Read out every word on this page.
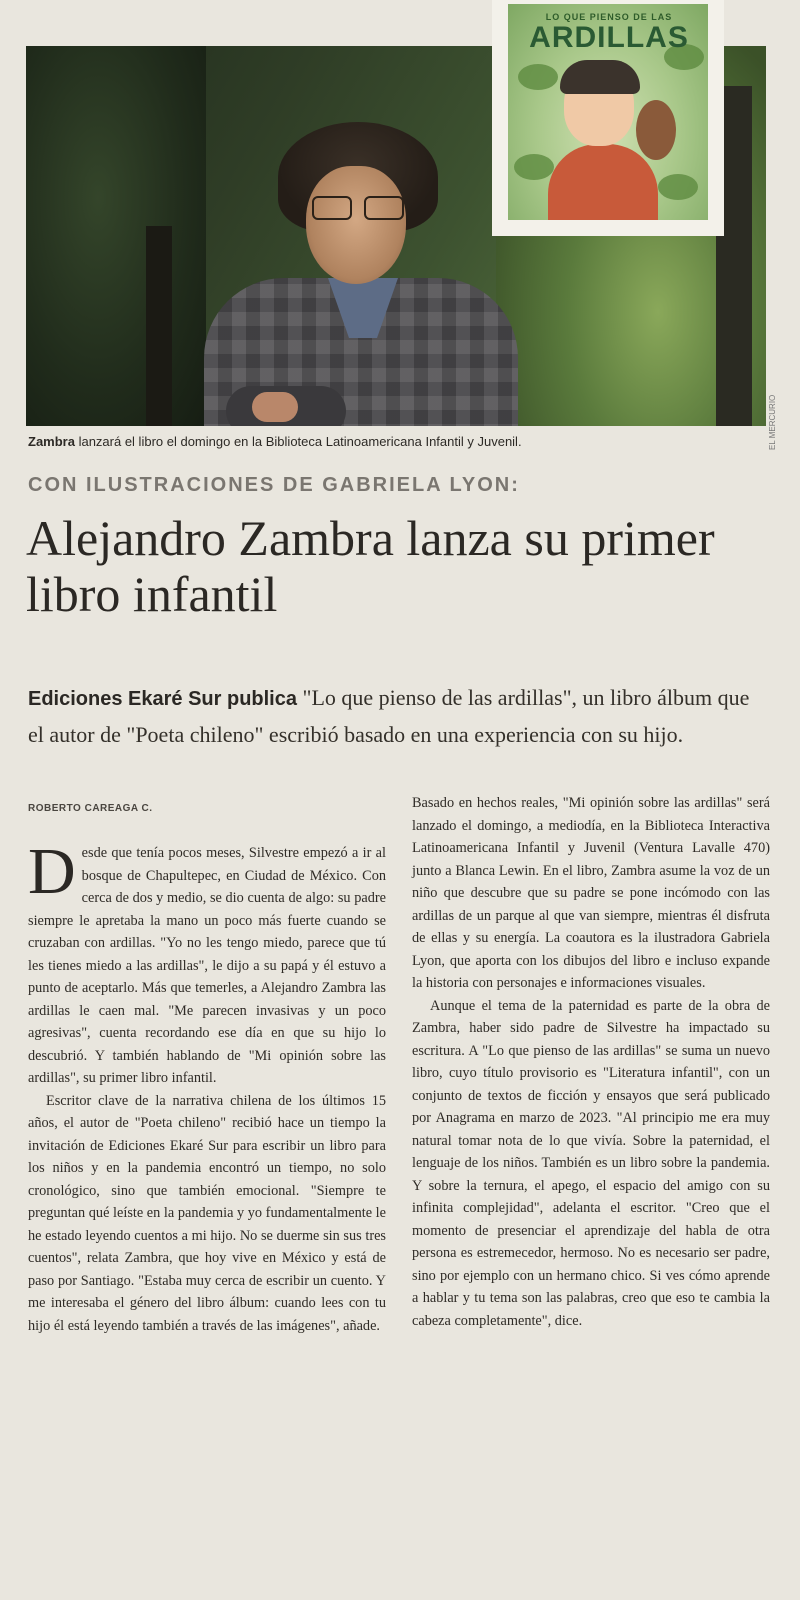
LO QUE PIENSO DE LAS
ARDILLAS
EL MERCURIO
Zambra lanzará el libro el domingo en la Biblioteca Latinoamericana Infantil y Juvenil.
CON ILUSTRACIONES DE GABRIELA LYON:
Alejandro Zambra lanza su primer libro infantil
Ediciones Ekaré Sur publica "Lo que pienso de las ardillas", un libro álbum que el autor de "Poeta chileno" escribió basado en una experiencia con su hijo.
ROBERTO CAREAGA C.

Desde que tenía pocos meses, Silvestre empezó a ir al bosque de Chapultepec, en Ciudad de México. Con cerca de dos y medio, se dio cuenta de algo: su padre siempre le apretaba la mano un poco más fuerte cuando se cruzaban con ardillas. "Yo no les tengo miedo, parece que tú les tienes miedo a las ardillas", le dijo a su papá y él estuvo a punto de aceptarlo. Más que temerles, a Alejandro Zambra las ardillas le caen mal. "Me parecen invasivas y un poco agresivas", cuenta recordando ese día en que su hijo lo descubrió. Y también hablando de "Mi opinión sobre las ardillas", su primer libro infantil.

Escritor clave de la narrativa chilena de los últimos 15 años, el autor de "Poeta chileno" recibió hace un tiempo la invitación de Ediciones Ekaré Sur para escribir un libro para los niños y en la pandemia encontró un tiempo, no solo cronológico, sino que también emocional. "Siempre te preguntan qué leíste en la pandemia y yo fundamentalmente le he estado leyendo cuentos a mi hijo. No se duerme sin sus tres cuentos", relata Zambra, que hoy vive en México y está de paso por Santiago. "Estaba muy cerca de escribir un cuento. Y me interesaba el género del libro álbum: cuando lees con tu hijo él está leyendo también a través de las imágenes", añade.

Basado en hechos reales, "Mi opinión sobre las ardillas" será lanzado el domingo, a mediodía, en la Biblioteca Interactiva Latinoamericana Infantil y Juvenil (Ventura Lavalle 470) junto a Blanca Lewin. En el libro, Zambra asume la voz de un niño que descubre que su padre se pone incómodo con las ardillas de un parque al que van siempre, mientras él disfruta de ellas y su energía. La coautora es la ilustradora Gabriela Lyon, que aporta con los dibujos del libro e incluso expande la historia con personajes e informaciones visuales.

Aunque el tema de la paternidad es parte de la obra de Zambra, haber sido padre de Silvestre ha impactado su escritura. A "Lo que pienso de las ardillas" se suma un nuevo libro, cuyo título provisorio es "Literatura infantil", con un conjunto de textos de ficción y ensayos que será publicado por Anagrama en marzo de 2023. "Al principio me era muy natural tomar nota de lo que vivía. Sobre la paternidad, el lenguaje de los niños. También es un libro sobre la pandemia. Y sobre la ternura, el apego, el espacio del amigo con su infinita complejidad", adelanta el escritor. "Creo que el momento de presenciar el aprendizaje del habla de otra persona es estremecedor, hermoso. No es necesario ser padre, sino por ejemplo con un hermano chico. Si ves cómo aprende a hablar y tu tema son las palabras, creo que eso te cambia la cabeza completamente", dice.
